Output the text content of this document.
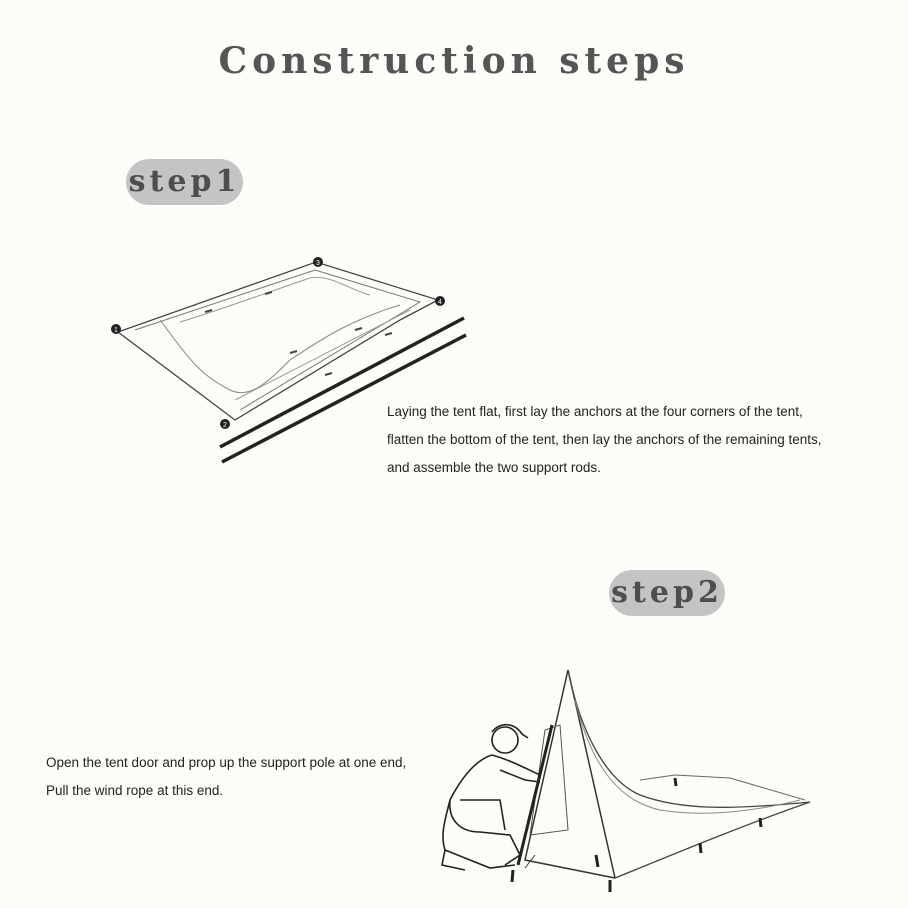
Construction steps
step1
1
2
3
4

Laying the tent flat, first lay the anchors at the four corners of the tent,

flatten the bottom of the tent, then lay the anchors of the remaining tents,

and assemble the two support rods.

step2

Open the tent door and prop up the support pole at one end,

Pull the wind rope at this end.
